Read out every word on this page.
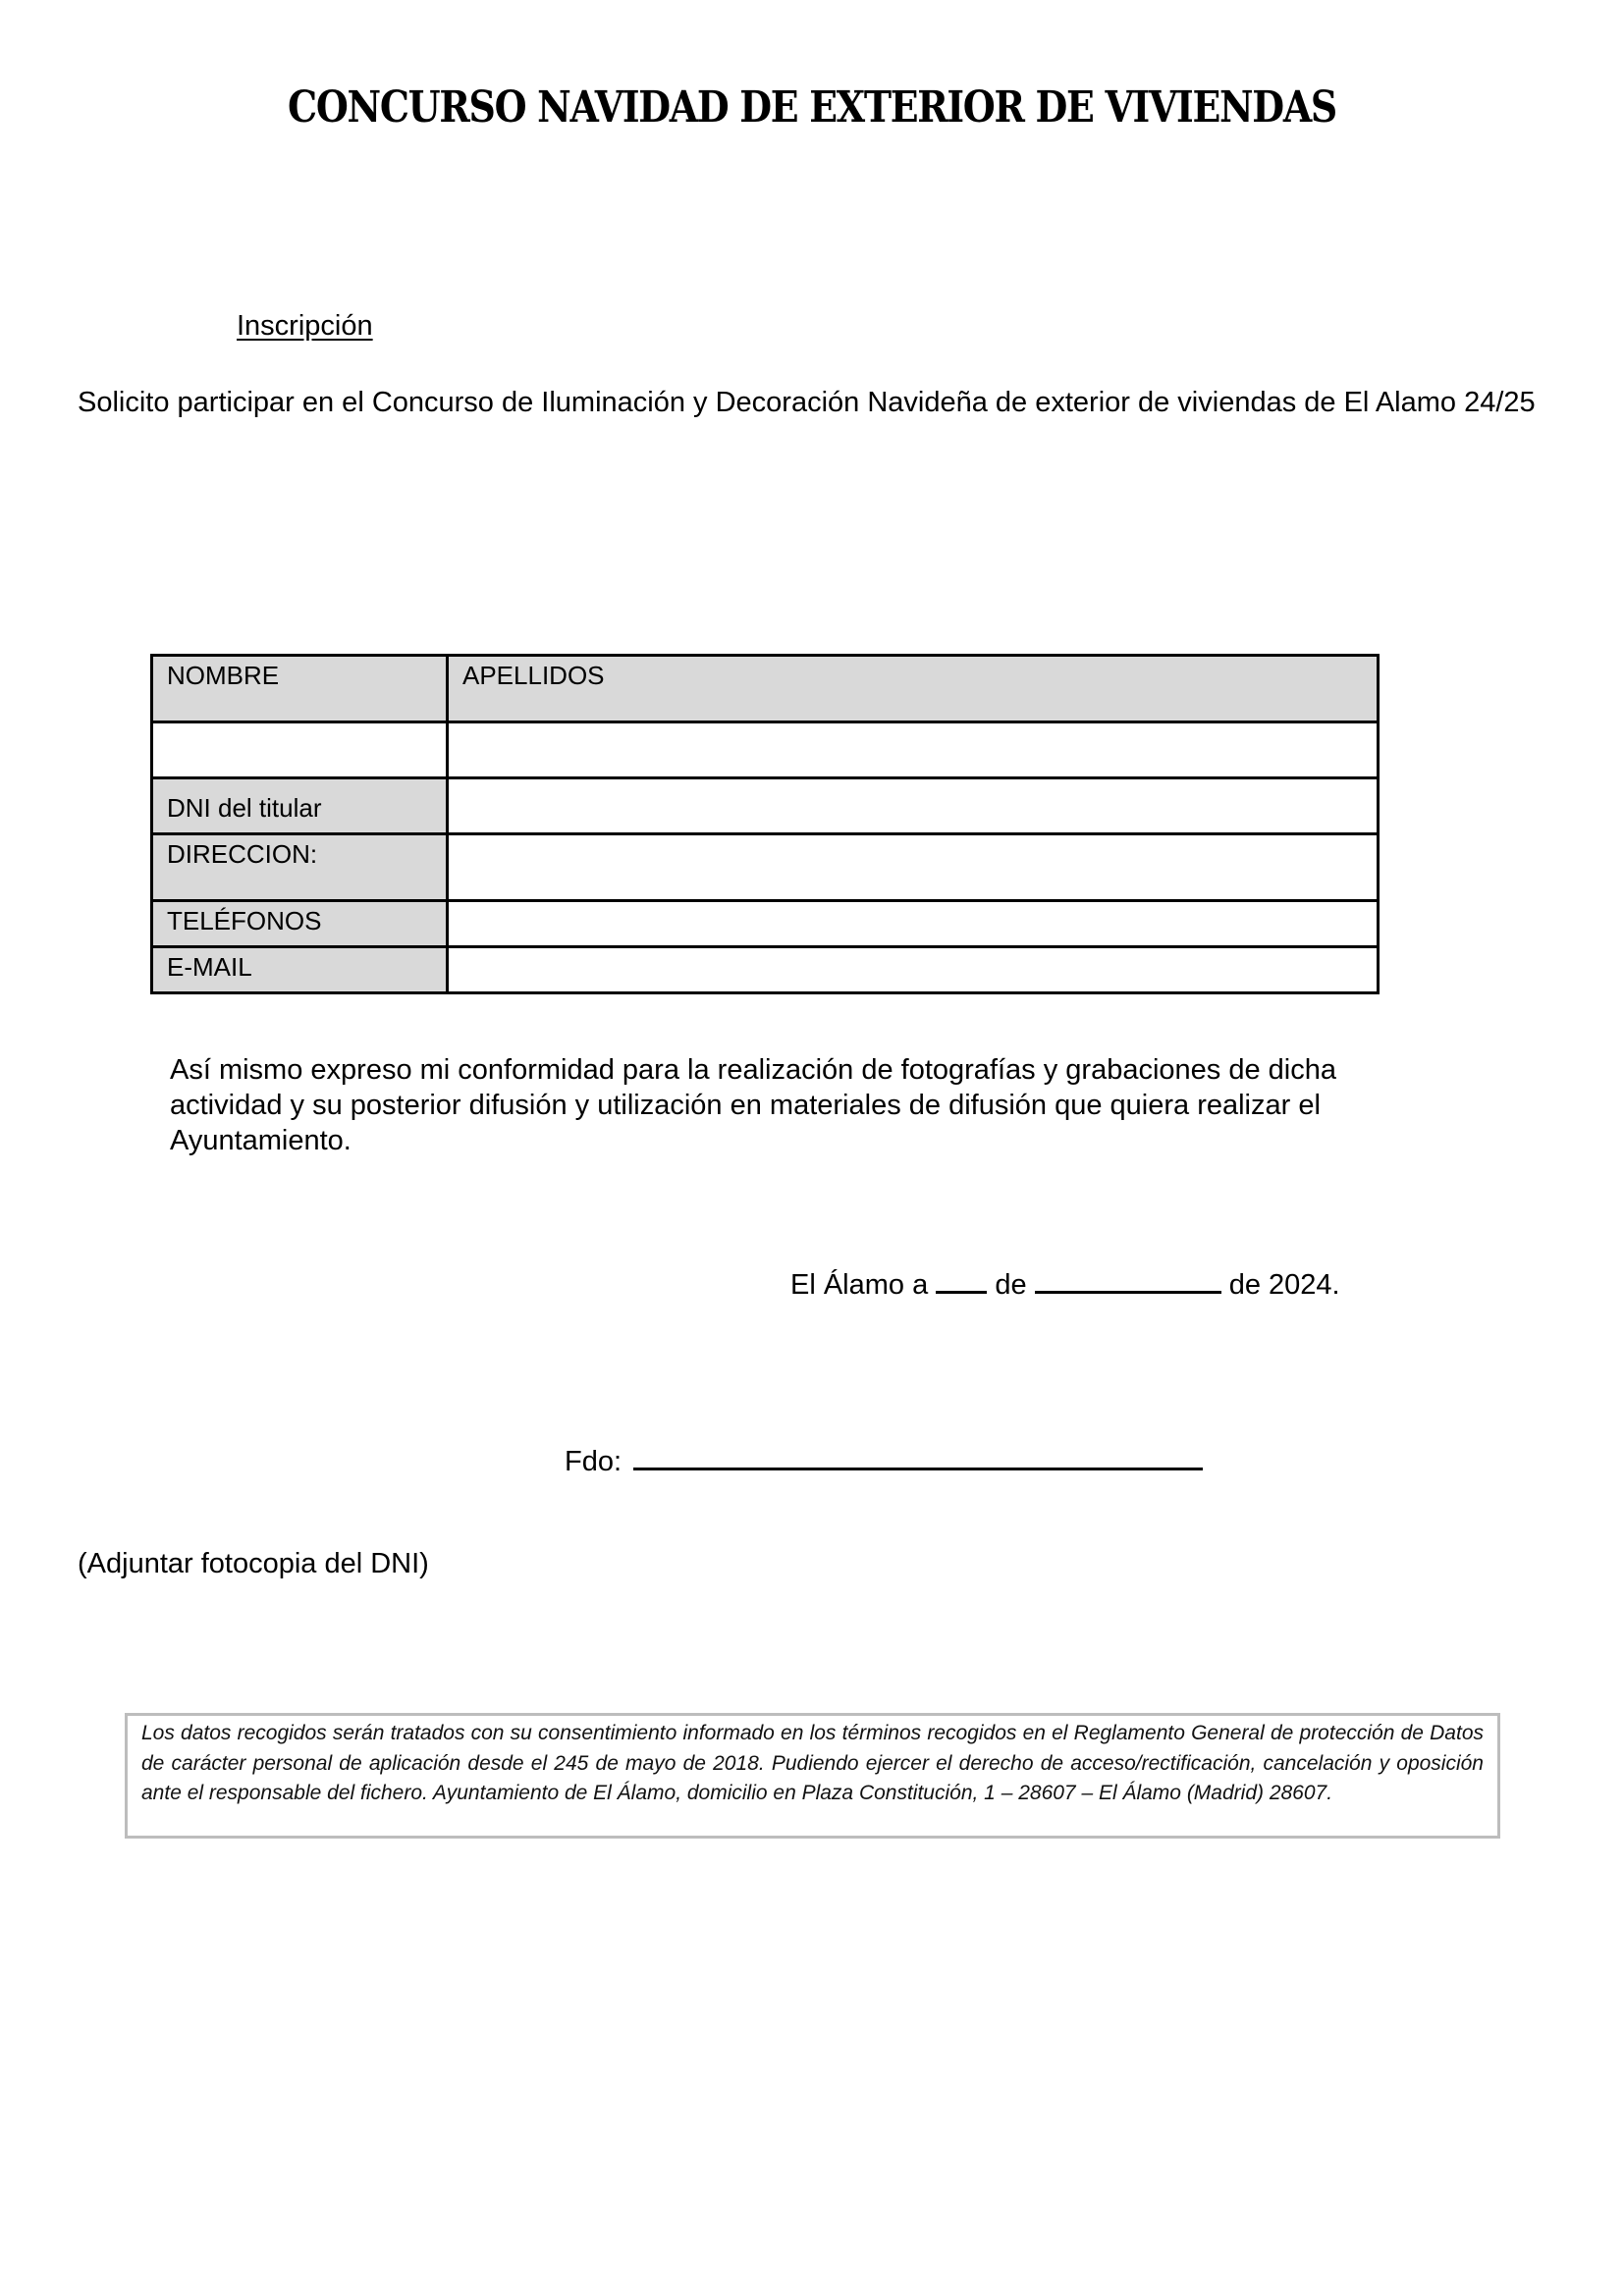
CONCURSO NAVIDAD DE EXTERIOR DE VIVIENDAS
Inscripción
Solicito participar en el Concurso de Iluminación y Decoración Navideña de exterior de viviendas de El Alamo 24/25
NOMBRE	APELLIDOS

DNI del titular	

DIRECCION:	

TELÉFONOS	

E-MAIL	

Así mismo expreso mi conformidad para la realización de fotografías y grabaciones de dicha actividad y su posterior difusión y utilización en materiales de difusión que quiera realizar el Ayuntamiento.
El Álamo a  de	de 2024.
Fdo:
(Adjuntar fotocopia del DNI)

Los datos recogidos serán tratados con su consentimiento informado en los términos recogidos en el Reglamento General de protección de Datos de carácter personal de aplicación desde el 245 de mayo de 2018. Pudiendo ejercer el derecho de acceso/rectificación, cancelación y oposición ante el responsable del fichero. Ayuntamiento de El Álamo, domicilio en Plaza Constitución, 1 – 28607 – El Álamo (Madrid) 28607.
